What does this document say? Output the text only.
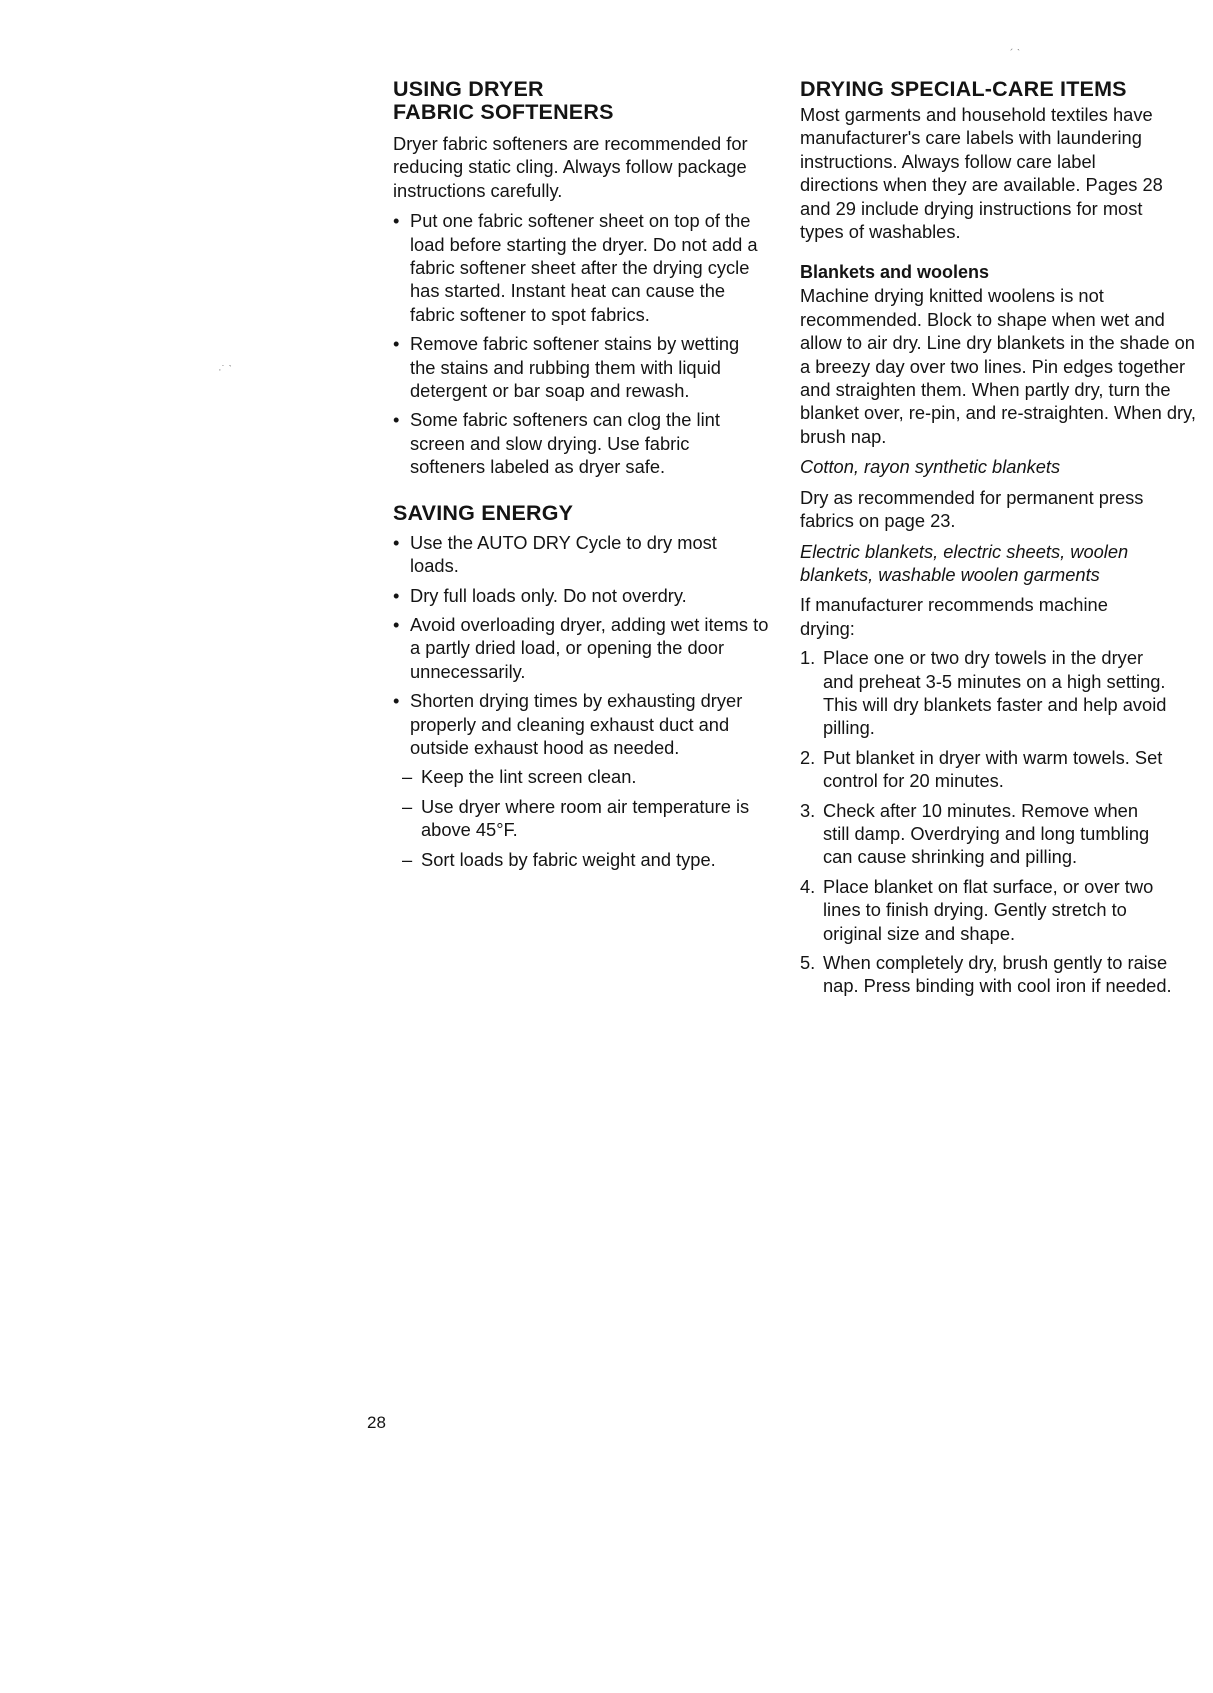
USING DRYER
FABRIC SOFTENERS

Dryer fabric softeners are recommended for reducing static cling. Always follow package instructions carefully.

• Put one fabric softener sheet on top of the load before starting the dryer. Do not add a fabric softener sheet after the drying cycle has started. Instant heat can cause the fabric softener to spot fabrics.
• Remove fabric softener stains by wetting the stains and rubbing them with liquid detergent or bar soap and rewash.
• Some fabric softeners can clog the lint screen and slow drying. Use fabric softeners labeled as dryer safe.
SAVING ENERGY
• Use the AUTO DRY Cycle to dry most loads.
• Dry full loads only. Do not overdry.
• Avoid overloading dryer, adding wet items to a partly dried load, or opening the door unnecessarily.
• Shorten drying times by exhausting dryer properly and cleaning exhaust duct and outside exhaust hood as needed.
– Keep the lint screen clean.
– Use dryer where room air temperature is above 45°F.
– Sort loads by fabric weight and type.
DRYING SPECIAL-CARE ITEMS

Most garments and household textiles have manufacturer's care labels with laundering instructions. Always follow care label directions when they are available. Pages 28 and 29 include drying instructions for most types of washables.

Blankets and woolens

Machine drying knitted woolens is not recommended. Block to shape when wet and allow to air dry. Line dry blankets in the shade on a breezy day over two lines. Pin edges together and straighten them. When partly dry, turn the blanket over, re-pin, and re-straighten. When dry, brush nap.

Cotton, rayon synthetic blankets

Dry as recommended for permanent press fabrics on page 23.

Electric blankets, electric sheets, woolen blankets, washable woolen garments

If manufacturer recommends machine drying:

1. Place one or two dry towels in the dryer and preheat 3-5 minutes on a high setting. This will dry blankets faster and help avoid pilling.
2. Put blanket in dryer with warm towels. Set control for 20 minutes.
3. Check after 10 minutes. Remove when still damp. Overdrying and long tumbling can cause shrinking and pilling.
4. Place blanket on flat surface, or over two lines to finish drying. Gently stretch to original size and shape.
5. When completely dry, brush gently to raise nap. Press binding with cool iron if needed.
28
·˙ ˋ
´ ˋ
